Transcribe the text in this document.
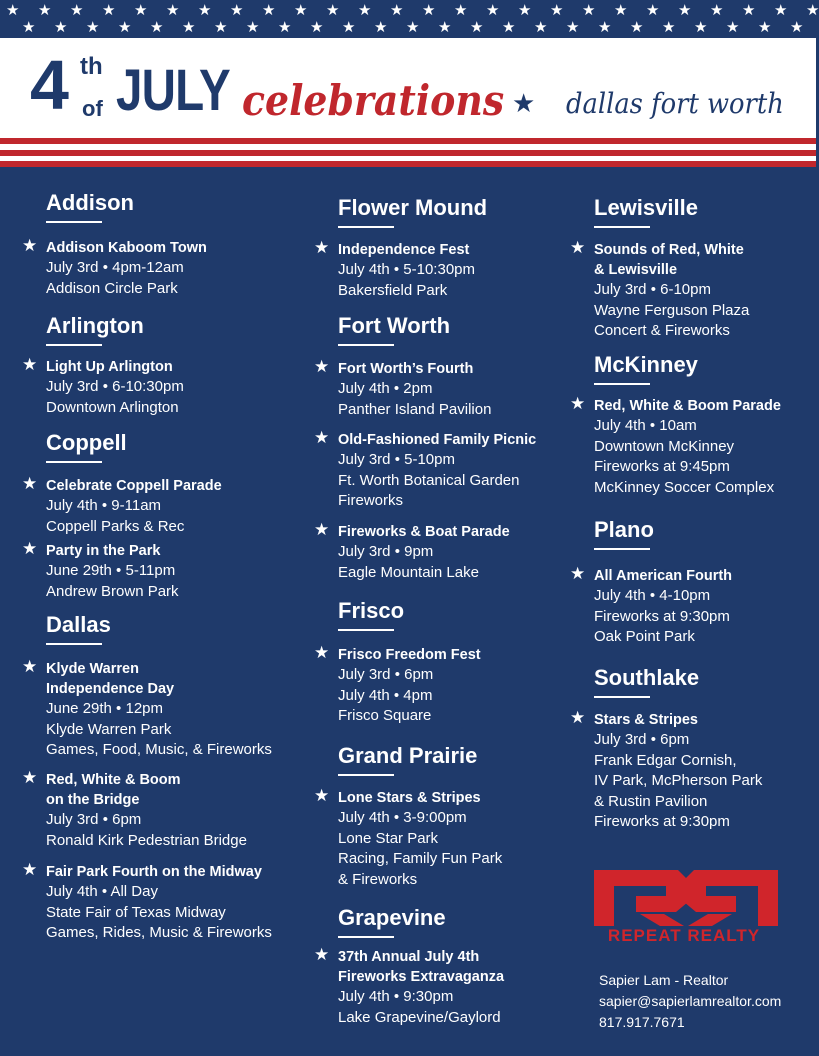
★ ★ ★ ★ ★ ★ ★ ★ ★ ★ ★ ★ ★ ★ ★ ★ ★ ★ ★ ★ ★ ★ ★ ★ ★ ★
★ ★ ★ ★ ★ ★ ★ ★ ★ ★ ★ ★ ★ ★ ★ ★ ★ ★ ★ ★ ★ ★ ★ ★ ★
4 th
of JULY celebrations ★ dallas fort worth
Addison
★ Addison Kaboom Town
July 3rd • 4pm-12am
Addison Circle Park
Arlington
★ Light Up Arlington
July 3rd • 6-10:30pm
Downtown Arlington
Coppell
★ Celebrate Coppell Parade
July 4th • 9-11am
Coppell Parks & Rec
★ Party in the Park
June 29th • 5-11pm
Andrew Brown Park
Dallas
★ Klyde Warren
Independence Day
June 29th • 12pm
Klyde Warren Park
Games, Food, Music, & Fireworks
★ Red, White & Boom
on the Bridge
July 3rd • 6pm
Ronald Kirk Pedestrian Bridge
★ Fair Park Fourth on the Midway
July 4th • All Day
State Fair of Texas Midway
Games, Rides, Music & Fireworks
Flower Mound
★ Independence Fest
July 4th • 5-10:30pm
Bakersfield Park
Fort Worth
★ Fort Worth’s Fourth
July 4th • 2pm
Panther Island Pavilion
★ Old-Fashioned Family Picnic
July 3rd • 5-10pm
Ft. Worth Botanical Garden
Fireworks
★ Fireworks & Boat Parade
July 3rd • 9pm
Eagle Mountain Lake
Frisco
★ Frisco Freedom Fest
July 3rd • 6pm
July 4th • 4pm
Frisco Square
Grand Prairie
★ Lone Stars & Stripes
July 4th • 3-9:00pm
Lone Star Park
Racing, Family Fun Park
& Fireworks
Grapevine
★ 37th Annual July 4th
Fireworks Extravaganza
July 4th • 9:30pm
Lake Grapevine/Gaylord
Lewisville
★ Sounds of Red, White
& Lewisville
July 3rd • 6-10pm
Wayne Ferguson Plaza
Concert & Fireworks
McKinney
★ Red, White & Boom Parade
July 4th • 10am
Downtown McKinney
Fireworks at 9:45pm
McKinney Soccer Complex
Plano
★ All American Fourth
July 4th • 4-10pm
Fireworks at 9:30pm
Oak Point Park
Southlake
★ Stars & Stripes
July 3rd • 6pm
Frank Edgar Cornish,
IV Park, McPherson Park
& Rustin Pavilion
Fireworks at 9:30pm
REPEAT REALTY
Sapier Lam - Realtor
sapier@sapierlamrealtor.com
817.917.7671
